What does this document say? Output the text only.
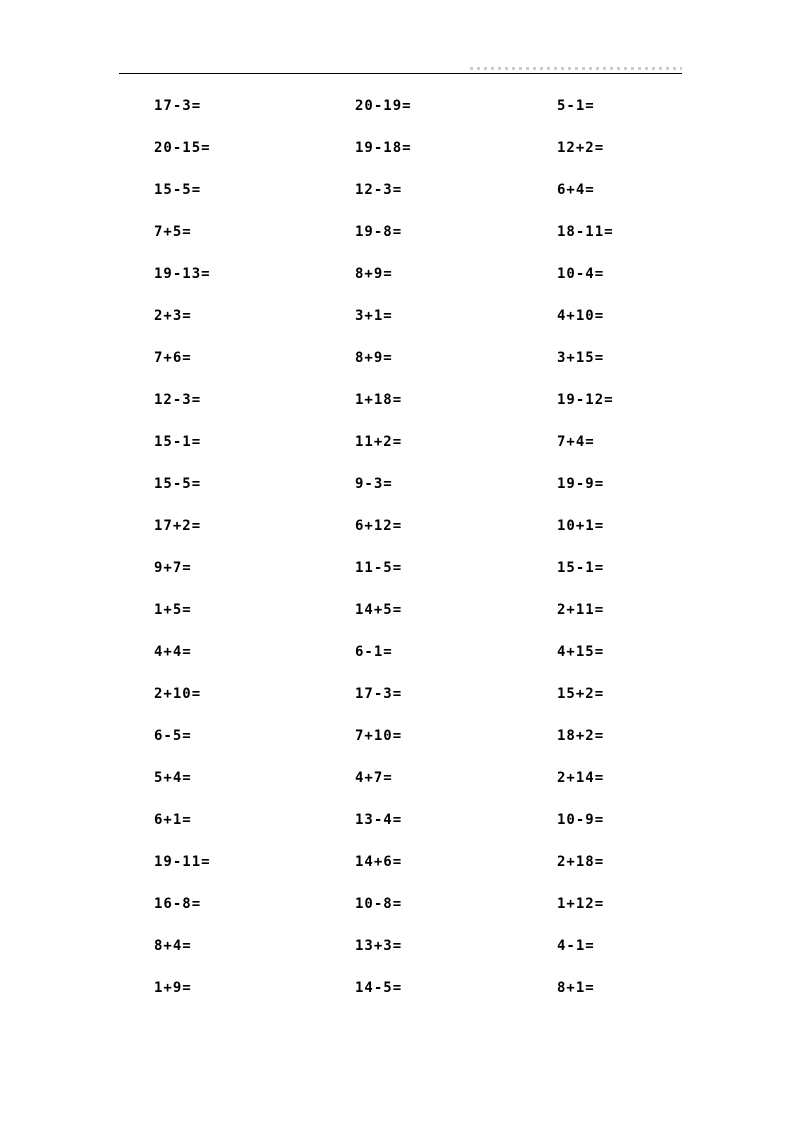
17-3=	20-19=	5-1=
20-15=	19-18=	12+2=
15-5=	12-3=	6+4=
7+5=	19-8=	18-11=
19-13=	8+9=	10-4=
2+3=	3+1=	4+10=
7+6=	8+9=	3+15=
12-3=	1+18=	19-12=
15-1=	11+2=	7+4=
15-5=	9-3=	19-9=
17+2=	6+12=	10+1=
9+7=	11-5=	15-1=
1+5=	14+5=	2+11=
4+4=	6-1=	4+15=
2+10=	17-3=	15+2=
6-5=	7+10=	18+2=
5+4=	4+7=	2+14=
6+1=	13-4=	10-9=
19-11=	14+6=	2+18=
16-8=	10-8=	1+12=
8+4=	13+3=	4-1=
1+9=	14-5=	8+1=
